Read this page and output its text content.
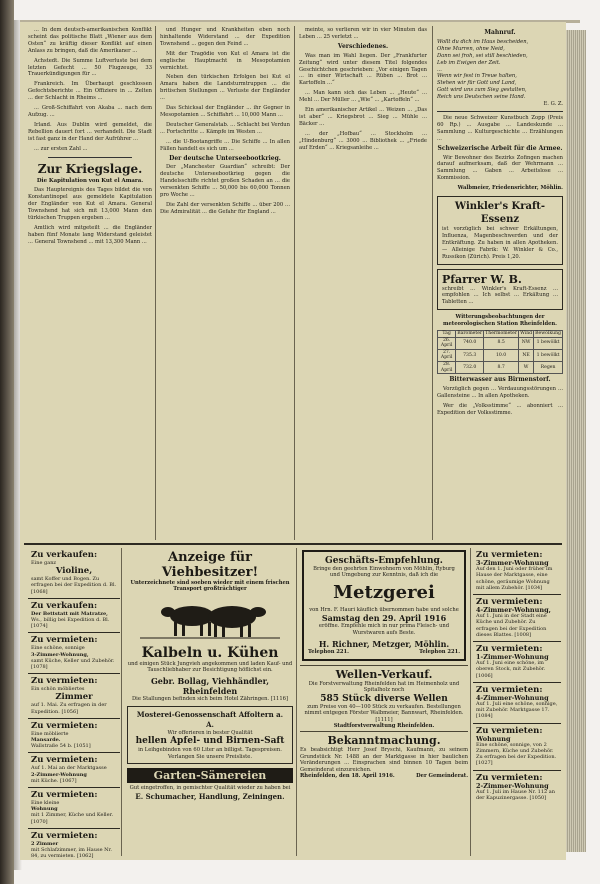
... In dem deutsch-amerikanischen Konflikt scheint das politische Blatt „Wiener aus dem Osten“ zu kräftig dieser Konflikt auf einen Anlass zu bringen, daß die Amerikaner ...

Achstedt. Die Summe Luftverluste bei dem letzten Gefecht ... 50 Flugzeuge, 33 Trauerkündigungen für ...

Frankreich. Im Überhaupt geschlossen Gefechtsberichte ... Ein Offiziere in ... Zelten ... der Schlacht in Rheims ...

... Groß-Schiffahrt von Akaba ... nach dem Aufzug. ...

Irland. Aus Dublin wird gemeldet, die Rebellion dauert fort ... verhandelt. Die Stadt ist fast ganz in der Hand der Aufrührer ...

... zur ersten Zahl ...

Zur Kriegslage.
Die Kapitulation von Kut el Amara.

Das Hauptereignis des Tages bildet die von Konstantinopel aus gemeldete Kapitulation der Engländer von Kut el Amara. General Townshend hat sich mit 13,000 Mann den türkischen Truppen ergeben ...

Amtlich wird mitgeteilt ... die Engländer haben fünf Monate lang Widerstand geleistet ... General Townshend ... mit 13,300 Mann ...

und Hunger und Krankheiten eben noch hinhaltende Widerstand ... der Expedition Townshend ... gegen den Feind ...

Mit der Tragödie von Kut el Amara ist die englische Hauptmacht in Mesopotamien vernichtet.

Neben den türkischen Erfolgen bei Kut el Amara haben die Landsturmtruppen ... die britischen Stellungen ... Verluste der Engländer ...

Das Schicksal der Engländer ... ihr Gegner in Mesopotamien ... Schiffahrt ... 10,000 Mann ...

Deutscher Generalstab. ... Schlacht bei Verdun ... Fortschritte ... Kämpfe im Westen ...

... die U-Bootangriffe ... Die Schiffe ... In allen Fällen handelt es sich um ...

Der deutsche Unterseebootkrieg.

Der „Manchester Guardian“ schreibt: Der deutsche Unterseebootkrieg gegen die Handelsschiffe richtet großen Schaden an ... die versenkten Schiffe ... 50,000 bis 60,000 Tonnen pro Woche ...

Die Zahl der versenkten Schiffe ... über 200 ... Die Admiralität ... die Gefahr für England ...

meinte, so verlieren wir in vier Minuten das Leben ... 25 verletzt ...

Verschiedenes.

Was man im Wahl liegen. Der „Frankfurter Zeitung“ wird unter diesem Titel folgendes Geschichtchen geschrieben: „Vor einigen Tagen ... in einer Wirtschaft ... Rüben ... Brot ... Kartoffeln ...“

... Man kann sich das Leben ... „Heute“ ... Mehl ... Der Müller ... „Wie“ ... „Kartoffeln“ ...

Ein amerikanischer Artikel ... Weizen ... „Das ist aber“ ... Kriegsbrot ... Sieg ... Mühle ... Bäcker ...

... der „Hofbau“ ... Stockholm ... „Hindenburg“ ... 3000 ... Bibliothek ... „Friede auf Erden“ ... Kriegsanleihe ...

Mahnruf.
Wollt du dich im Haus bescheiden,
Ohne Murren, ohne Neid,
Dann sei froh, sei still beschieden,
Leb im Ewigen der Zeit.
...
Wenn wir fest in Treue halten,
Stehen wir für Gott und Land,
Gott wird uns zum Sieg gestalten,
Reich uns Deutschen seine Hand.
E. G. Z.

Die neue Schweizer Kunstbuch Zopp (Preis 60 Rp.) ... Ausgabe ... Landeskunde ... Sammlung ... Kulturgeschichte ... Erzählungen ...

Schweizerische Arbeit für die Armee.

Wir Bewohner des Bezirks Zofingen machen darauf aufmerksam, daß der Wehrmann ... Sammlung ... Gaben ... Arbeitslose ... Kommission.

Walbmeier, Friedensrichter, Möhlin.
Winkler's Kraft-Essenz
ist vorzüglich bei schwer Erkältungen, Influenza, Magenbeschwerden und der Entkräftung. Zu haben in allen Apotheken. — Alleinige Fabrik: W. Winkler & Co., Russikon (Zürich). Preis 1,20.
Pfarrer W. B.
schreibt ... Winkler's Kraft-Essenz ... empfohlen ... Ich selbst ... Erkältung ... Tabletten ...
Witterungsbeobachtungen der meteorologischen Station Rheinfelden.
Tag	Barometer	Thermometer	Wind	Bewölkung
26. April	740.0	8.5	NW	1 bewölkt
27. April	735.3	10.0	NE	1 bewölkt
28. April	732.0	8.7	W	Regen
Bitterwasser aus Birmenstorf.

Vorzüglich gegen ... Verdauungsstörungen ... Gallensteine ... In allen Apotheken.

Wer die „Volksstimme“ ... abonniert ... Expedition der Volksstimme.

Zu verkaufen:
Eine ganz
Violine,
samt Koffer und Bogen. Zu erfragen bei der Expedition d. Bl. [1068]
Zu verkaufen:
Der Bettstatt mit Matratze,
Ws., billig bei Expedition d. Bl. [1074]
Zu vermieten:
Eine schöne, sonnige
3-Zimmer-Wohnung,
samt Küche, Keller und Zubehör. [1078]
Zu vermieten:
Ein schön möbliertes
Zimmer
auf 1. Mai. Zu erfragen in der Expedition. [1056]
Zu vermieten:
Eine möblierte
Mansarde.
Wallstraße 54 b. [1051]
Zu vermieten:
Auf 1. Mai an der Marktgasse
2-Zimmer-Wohnung
mit Küche. [1067]
Zu vermieten:
Eine kleine
Wohnung
mit 1 Zimmer, Küche und Keller. [1070]
Zu vermieten:
2 Zimmer
mit Schlafzimmer, im Hause Nr. 84, zu vermieten. [1062]
Anzeige für Viehbesitzer!
Unterzeichnete sind soeben wieder mit einem frischen Transport großträchtiger
Kalbeln u. Kühen
und einigen Stück Jungvieh angekommen und laden Kauf- und Tauschliebhaber zur Besichtigung höflichst ein.
Gebr. Bollag, Viehhändler, Rheinfelden
Die Stallungen befinden sich beim Hotel Zähringen. [1116]
Mosterei-Genossenschaft Affoltern a. A.
Wir offerieren in bester Qualität
hellen Apfel- und Birnen-Saft
in Leihgebinden von 60 Liter an billigst. Tagespreisen. Verlangen Sie unsere Preisliste.
Garten-Sämereien
Gut eingetroffen, in gemischter Qualität wieder zu haben bei
E. Schumacher, Handlung, Zeiningen.
Geschäfts-Empfehlung.
Bringe den geehrten Einwohnern von Möhlin, Ryburg und Umgebung zur Kenntnis, daß ich die
Metzgerei
von Hrn. F. Hauri käuflich übernommen habe und solche
Samstag den 29. April 1916
eröffne. Empfehle mich in nur prima Fleisch- und Wurstwaren aufs Beste.
H. Richner, Metzger, Möhlin.
Telephon 221.	Telephon 221.
Wellen-Verkauf.
Die Forstverwaltung Rheinfelden hat im Heimenholz und Spitalholz noch
585 Stück diverse Wellen
zum Preise von 40—100 Stück zu verkaufen. Bestellungen nimmt entgegen Förster Walbmeier, Bannwart, Rheinfelden. [1111]
Stadtforstverwaltung Rheinfelden.
Bekanntmachung.
Es beabsichtigt Herr Josef Bryschi, Kaufmann, zu seinem Grundstück Nr. 1488 an der Marktgasse in hier baulichen Veränderungen ... Einsprachen sind binnen 10 Tagen beim Gemeinderat einzureichen.
Rheinfelden, den 18. April 1916.	Der Gemeinderat.
Zu vermieten:
3-Zimmer-Wohnung
Auf den 1. Juni oder früher im Hause der Marktgasse, eine schöne, geräumige Wohnung mit allem Zubehör. [1034]
Zu vermieten:
4-Zimmer-Wohnung,
Auf 1. Juni in der Stadt eine Küche und Zubehör. Zu erfragen bei der Expedition dieses Blattes. [1008]
Zu vermieten:
1-Zimmer-Wohnung
Auf 1. Juni eine schöne, im oberen Stock, mit Zubehör. [1006]
Zu vermieten:
4-Zimmer-Wohnung
Auf 1. Juli eine schöne, sonnige, mit Zubehör. Marktgasse 17. [1084]
Zu vermieten:
Wohnung
Eine schöne, sonnige, von 2 Zimmern, Küche und Zubehör. Zu erfragen bei der Expedition. [1027]
Zu vermieten:
2-Zimmer-Wohnung
Auf 1. Juli im Hause Nr. 112 an der Kapuzinergasse. [1050]
